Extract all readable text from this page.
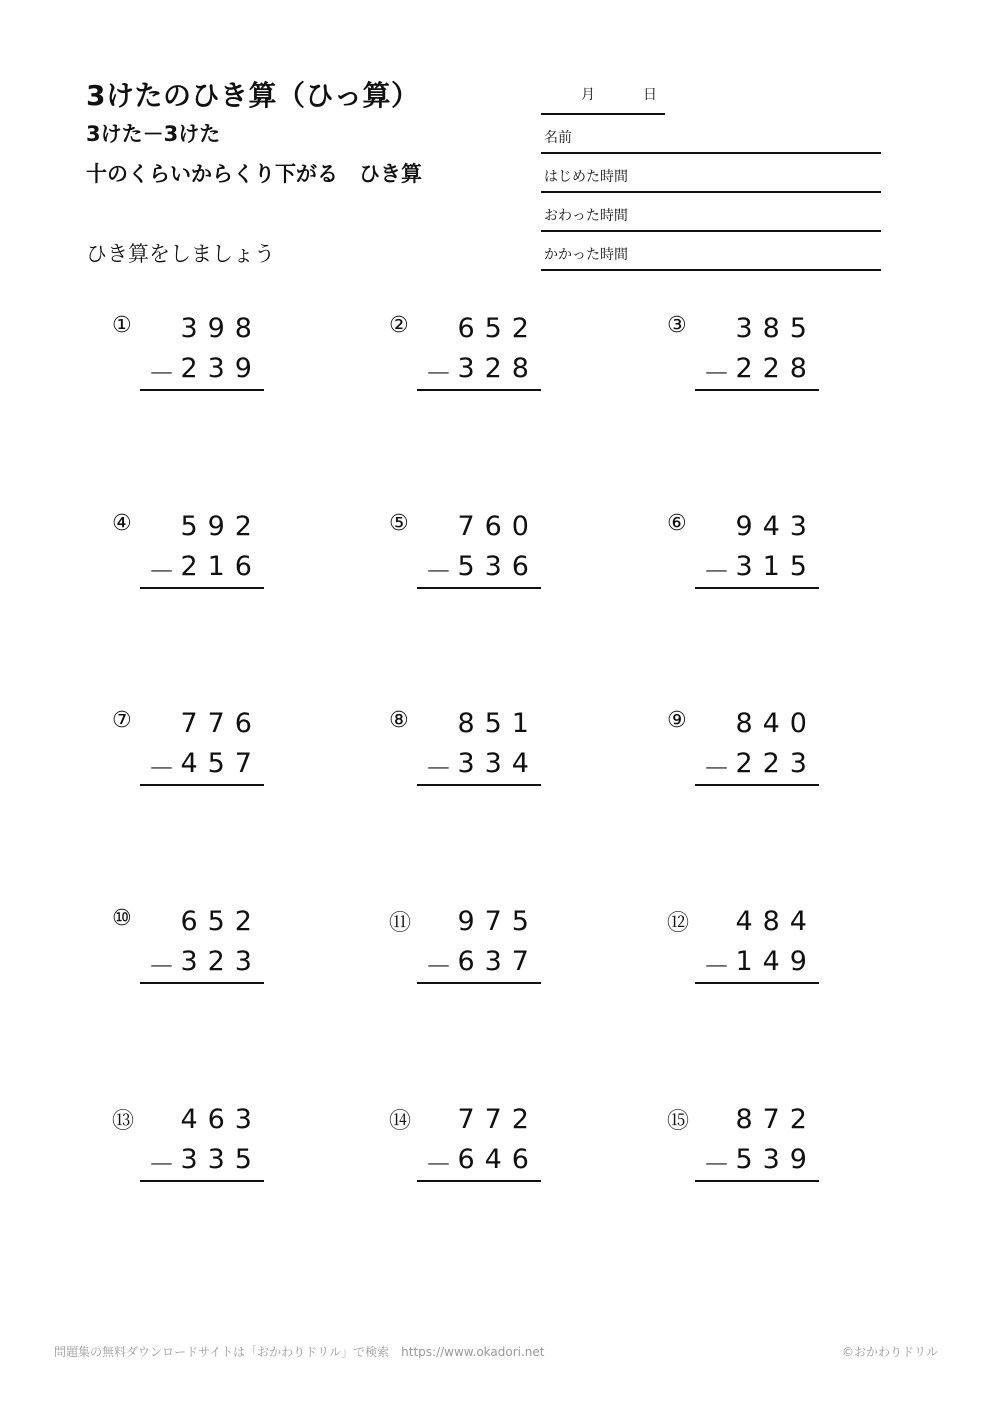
3けたのひき算（ひっ算）
3けた－3けた
十のくらいからくり下がる　ひき算
ひき算をしましょう
月	日
名前
はじめた時間
おわった時間
かかった時間
①	398
－ 239
②	652
－ 328
③	385
－ 228
④	592
－ 216
⑤	760
－ 536
⑥	943
－ 315
⑦	776
－ 457
⑧	851
－ 334
⑨	840
－ 223
⑩	652
－ 323
⑪	975
－ 637
⑫	484
－ 149
⑬	463
－ 335
⑭	772
－ 646
⑮	872
－ 539
問題集の無料ダウンロードサイトは「おかわりドリル」で検索　https://www.okadori.net	©おかわりドリル
